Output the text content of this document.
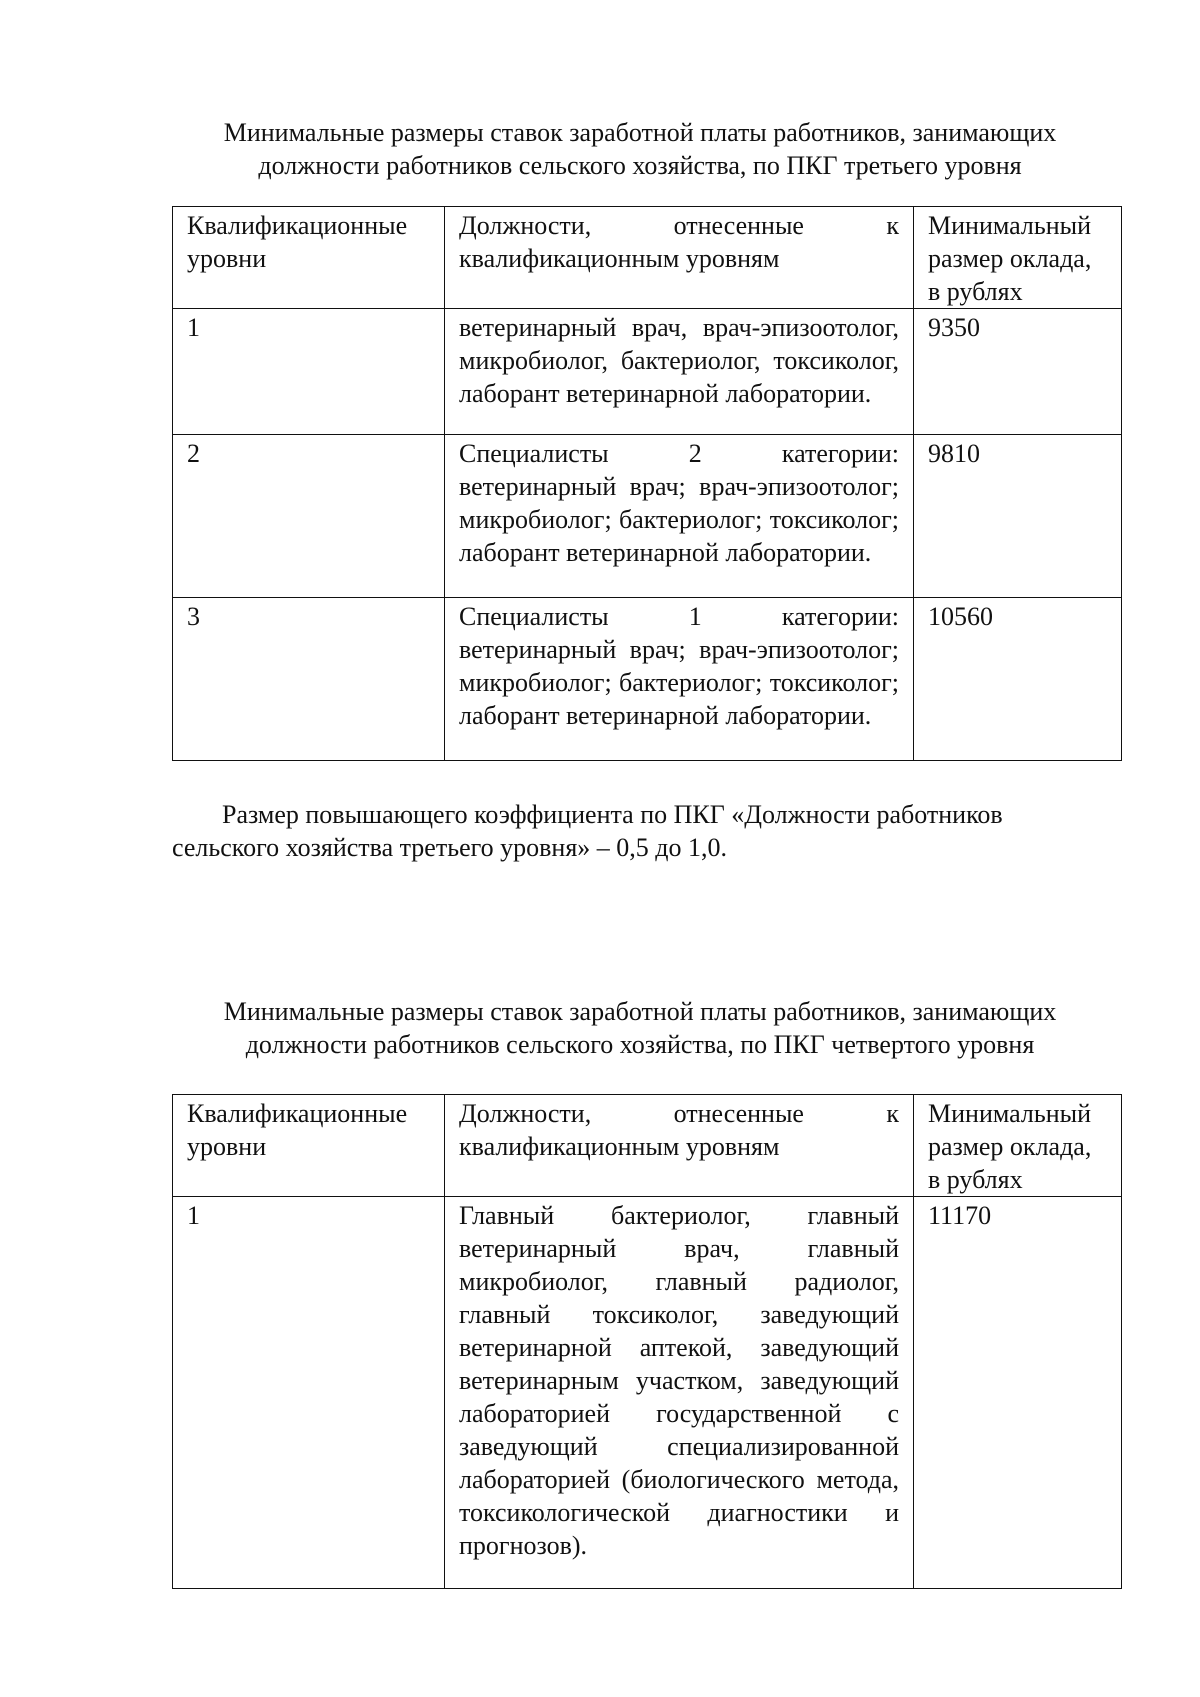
Минимальные размеры ставок заработной платы работников, занимающих
должности работников сельского хозяйства, по ПКГ третьего уровня
Квалификационные уровни	Должности, отнесенные к квалификационным уровням	Минимальный размер оклада, в рублях
1	ветеринарный врач, врач-эпизоотолог, микробиолог, бактериолог, токсиколог, лаборант ветеринарной лаборатории.	9350
2	Специалисты 2 категории: ветеринарный врач; врач-эпизоотолог; микробиолог; бактериолог; токсиколог; лаборант ветеринарной лаборатории.	9810
3	Специалисты 1 категории: ветеринарный врач; врач-эпизоотолог; микробиолог; бактериолог; токсиколог; лаборант ветеринарной лаборатории.	10560
Размер повышающего коэффициента по ПКГ «Должности работников
сельского хозяйства третьего уровня» – 0,5 до 1,0.
Минимальные размеры ставок заработной платы работников, занимающих
должности работников сельского хозяйства, по ПКГ четвертого уровня
Квалификационные уровни	Должности, отнесенные к квалификационным уровням	Минимальный размер оклада, в рублях
1	Главный бактериолог, главный ветеринарный врач, главный микробиолог, главный радиолог, главный токсиколог, заведующий ветеринарной аптекой, заведующий ветеринарным участком, заведующий лабораторией государственной с заведующий специализированной лабораторией (биологического метода, токсикологической диагностики и прогнозов).	11170
